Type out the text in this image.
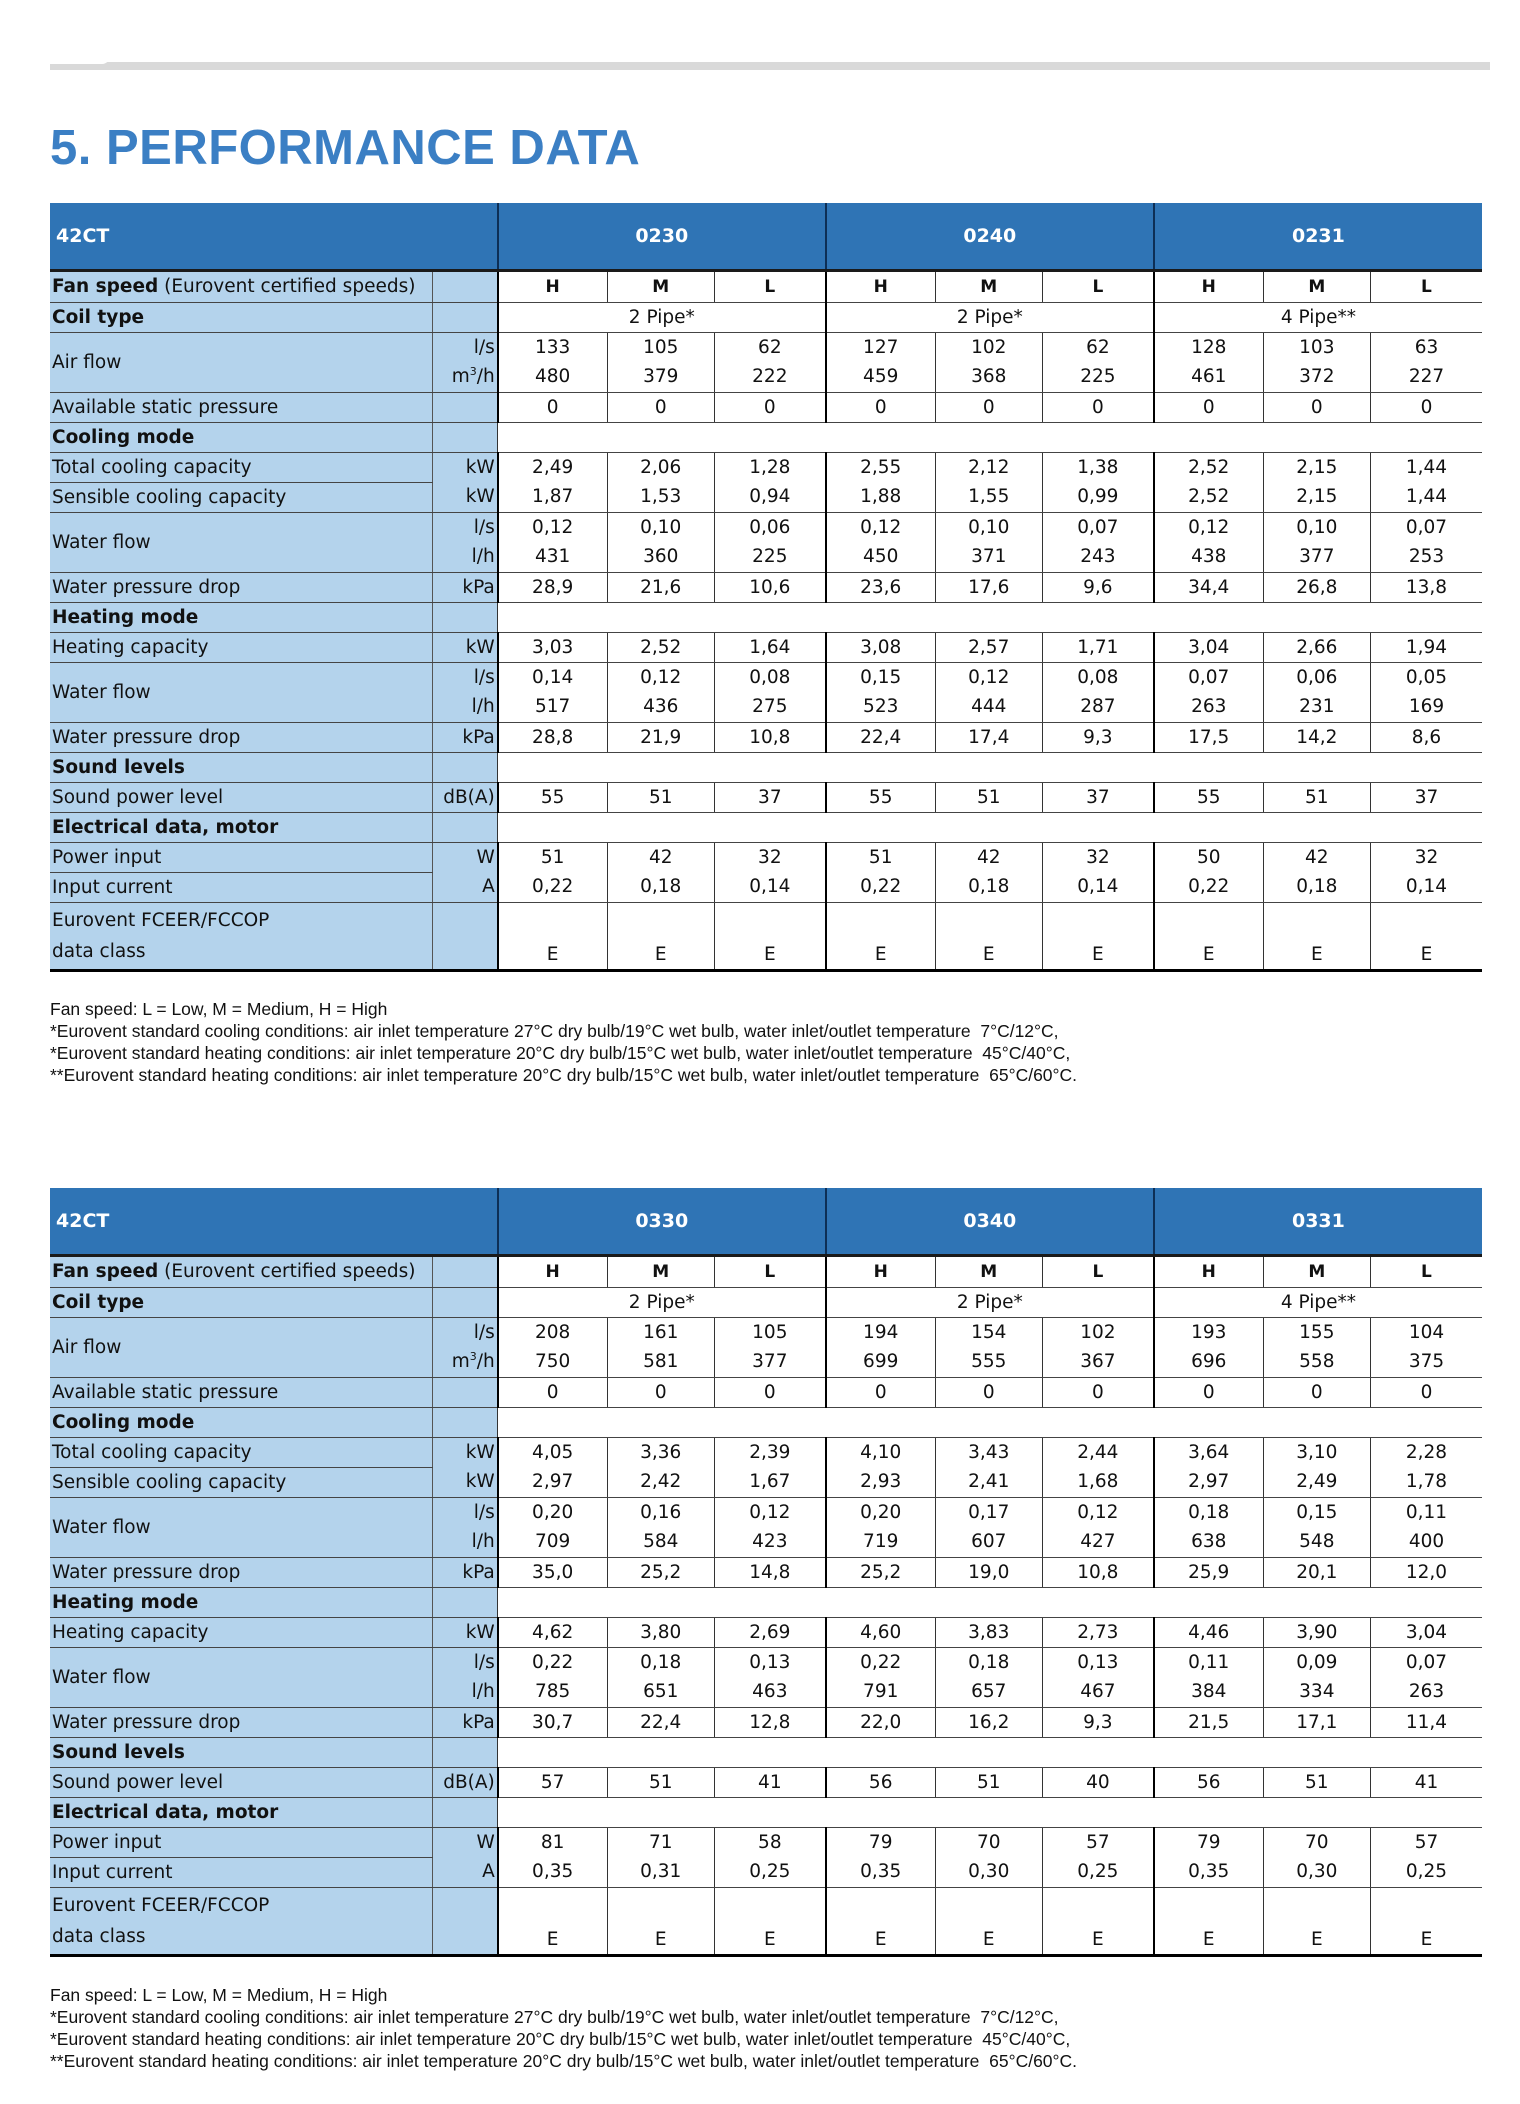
5. PERFORMANCE DATA
42CT		0230			0240			0231		

Fan speed (Eurovent certified speeds)		H	M	L	H	M	L	H	M	L
Coil type		2 Pipe*			2 Pipe*			4 Pipe**		
Air flow	l/s	133	105	62	127	102	62	128	103	63
	$m^3/h$	480	379	222	459	368	225	461	372	227
Available static pressure		0	0	0	0	0	0	0	0	0
Cooling mode										
Total cooling capacity	kW	2,49	2,06	1,28	2,55	2,12	1,38	2,52	2,15	1,44
Sensible cooling capacity	kW	1,87	1,53	0,94	1,88	1,55	0,99	2,52	2,15	1,44
Water flow	l/s	0,12	0,10	0,06	0,12	0,10	0,07	0,12	0,10	0,07
	l/h	431	360	225	450	371	243	438	377	253
Water pressure drop	kPa	28,9	21,6	10,6	23,6	17,6	9,6	34,4	26,8	13,8
Heating mode										
Heating capacity	kW	3,03	2,52	1,64	3,08	2,57	1,71	3,04	2,66	1,94
Water flow	l/s	0,14	0,12	0,08	0,15	0,12	0,08	0,07	0,06	0,05
	l/h	517	436	275	523	444	287	263	231	169
Water pressure drop	kPa	28,8	21,9	10,8	22,4	17,4	9,3	17,5	14,2	8,6
Sound levels										
Sound power level	dB(A)	55	51	37	55	51	37	55	51	37
Electrical data, motor										
Power input	W	51	42	32	51	42	32	50	42	32
Input current	A	0,22	0,18	0,14	0,22	0,18	0,14	0,22	0,18	0,14
Eurovent FCEER/FCCOP
data class		E	E	E	E	E	E	E	E	E
Fan speed: L = Low, M = Medium, H = High
*Eurovent standard cooling conditions: air inlet temperature 27°C dry bulb/19°C wet bulb, water inlet/outlet temperature  7°C/12°C,
*Eurovent standard heating conditions: air inlet temperature 20°C dry bulb/15°C wet bulb, water inlet/outlet temperature  45°C/40°C,
**Eurovent standard heating conditions: air inlet temperature 20°C dry bulb/15°C wet bulb, water inlet/outlet temperature  65°C/60°C.
42CT		0330			0340			0331		

Fan speed (Eurovent certified speeds)		H	M	L	H	M	L	H	M	L
Coil type		2 Pipe*			2 Pipe*			4 Pipe**		
Air flow	l/s	208	161	105	194	154	102	193	155	104
	$m^3/h$	750	581	377	699	555	367	696	558	375
Available static pressure		0	0	0	0	0	0	0	0	0
Cooling mode										
Total cooling capacity	kW	4,05	3,36	2,39	4,10	3,43	2,44	3,64	3,10	2,28
Sensible cooling capacity	kW	2,97	2,42	1,67	2,93	2,41	1,68	2,97	2,49	1,78
Water flow	l/s	0,20	0,16	0,12	0,20	0,17	0,12	0,18	0,15	0,11
	l/h	709	584	423	719	607	427	638	548	400
Water pressure drop	kPa	35,0	25,2	14,8	25,2	19,0	10,8	25,9	20,1	12,0
Heating mode										
Heating capacity	kW	4,62	3,80	2,69	4,60	3,83	2,73	4,46	3,90	3,04
Water flow	l/s	0,22	0,18	0,13	0,22	0,18	0,13	0,11	0,09	0,07
	l/h	785	651	463	791	657	467	384	334	263
Water pressure drop	kPa	30,7	22,4	12,8	22,0	16,2	9,3	21,5	17,1	11,4
Sound levels										
Sound power level	dB(A)	57	51	41	56	51	40	56	51	41
Electrical data, motor										
Power input	W	81	71	58	79	70	57	79	70	57
Input current	A	0,35	0,31	0,25	0,35	0,30	0,25	0,35	0,30	0,25
Eurovent FCEER/FCCOP
data class		E	E	E	E	E	E	E	E	E
Fan speed: L = Low, M = Medium, H = High
*Eurovent standard cooling conditions: air inlet temperature 27°C dry bulb/19°C wet bulb, water inlet/outlet temperature  7°C/12°C,
*Eurovent standard heating conditions: air inlet temperature 20°C dry bulb/15°C wet bulb, water inlet/outlet temperature  45°C/40°C,
**Eurovent standard heating conditions: air inlet temperature 20°C dry bulb/15°C wet bulb, water inlet/outlet temperature  65°C/60°C.
